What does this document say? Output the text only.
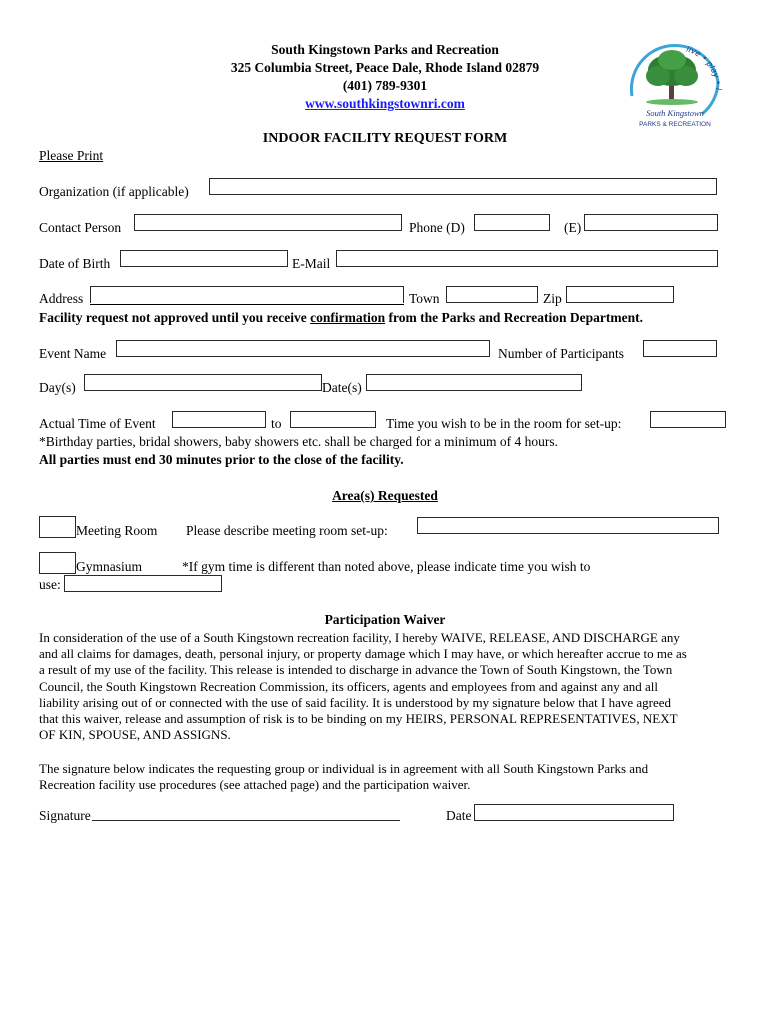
South Kingstown Parks and Recreation
325 Columbia Street, Peace Dale, Rhode Island 02879
(401) 789-9301
www.southkingstownri.com
live • play • l
South Kingstown
PARKS & RECREATION
INDOOR FACILITY REQUEST FORM
Please Print
Organization (if applicable)
Contact Person	Phone (D)	(E)
Date of Birth	E-Mail
Address	Town	Zip
Facility request not approved until you receive confirmation from the Parks and Recreation Department.
Event Name	Number of Participants
Day(s)	Date(s)
Actual Time of Event	to	Time you wish to be in the room for set-up:
*Birthday parties, bridal showers, baby showers etc. shall be charged for a minimum of 4 hours.
All parties must end 30 minutes prior to the close of the facility.
Area(s) Requested
Meeting Room Please describe meeting room set-up:
Gymnasium	*If gym time is different than noted above, please indicate time you wish to
use:
Participation Waiver
In consideration of the use of a South Kingstown recreation facility, I hereby WAIVE, RELEASE, AND DISCHARGE any
and all claims for damages, death, personal injury, or property damage which I may have, or which hereafter accrue to me as
a result of my use of the facility. This release is intended to discharge in advance the Town of South Kingstown, the Town
Council, the South Kingstown Recreation Commission, its officers, agents and employees from and against any and all
liability arising out of or connected with the use of said facility. It is understood by my signature below that I have agreed
that this waiver, release and assumption of risk is to be binding on my HEIRS, PERSONAL REPRESENTATIVES, NEXT
OF KIN, SPOUSE, AND ASSIGNS.
The signature below indicates the requesting group or individual is in agreement with all South Kingstown Parks and
Recreation facility use procedures (see attached page) and the participation waiver.
Signature	Date
